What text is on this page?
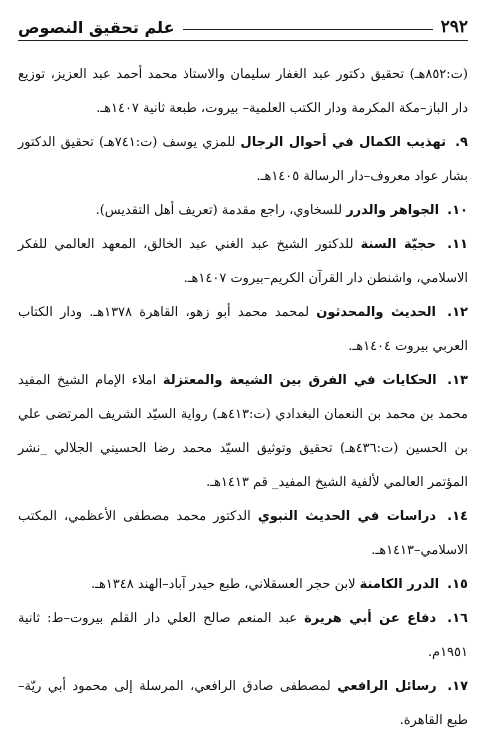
٢٩٢
علم تحقيق النصوص

(ت:٨٥٢هـ) تحقيق دكتور عبد الغفار سليمان والاستاذ محمد أحمد عبد العزيز، توزيع دار الباز–مكة المكرمة ودار الكتب العلمية– بيروت، طبعة ثانية ١٤٠٧هـ.

٩. تهذيب الكمال في أحوال الرجال للمزي يوسف (ت:٧٤١هـ) تحقيق الدكتور بشار عواد معروف–دار الرسالة ١٤٠٥هـ.

١٠. الجواهر والدرر للسخاوي، راجع مقدمة (تعريف أهل التقديس).

١١. حجيّة السنة للدكتور الشيخ عبد الغني عبد الخالق، المعهد العالمي للفكر الاسلامي، واشنطن دار القرآن الكريم–بيروت ١٤٠٧هـ.

١٢. الحديث والمحدثون لمحمد محمد أبو زهو، القاهرة ١٣٧٨هـ. ودار الكتاب العربي بيروت ١٤٠٤هـ.

١٣. الحكايات في الفرق بين الشيعة والمعتزلة املاء الإمام الشيخ المفيد محمد بن محمد بن النعمان البغدادي (ت:٤١٣هـ) رواية السيّد الشريف المرتضى علي بن الحسين (ت:٤٣٦هـ) تحقيق وتوثيق السيّد محمد رضا الحسيني الجلالي _نشر المؤتمر العالمي لألفية الشيخ المفيد_ قم ١٤١٣هـ.

١٤. دراسات في الحديث النبوي الدكتور محمد مصطفى الأعظمي، المكتب الاسلامي–١٤١٣هـ.

١٥. الدرر الكامنة لابن حجر العسقلاني، طبع حيدر آباد–الهند ١٣٤٨هـ.

١٦. دفاع عن أبي هريرة عبد المنعم صالح العلي دار القلم بيروت–ط: ثانية ١٩٥١م.

١٧. رسائل الرافعي لمصطفى صادق الرافعي، المرسلة إلى محمود أبي ريّة– طبع القاهرة.
